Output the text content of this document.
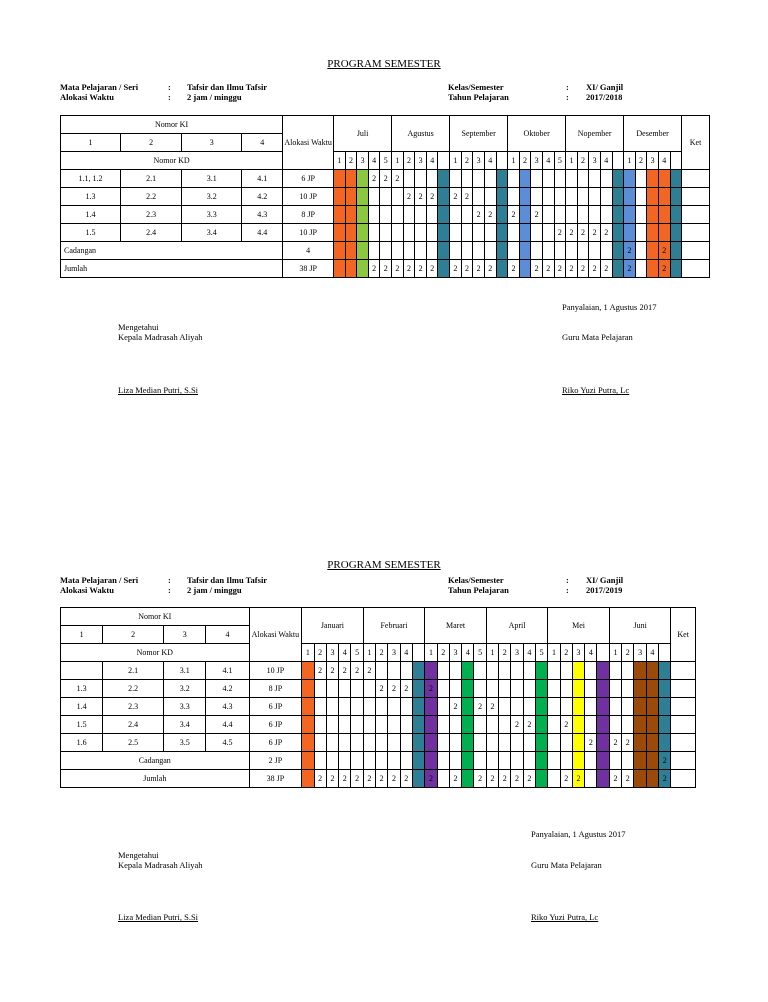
PROGRAM SEMESTER
Mata Pelajaran / Seri	:	Tafsir dan Ilmu Tafsir
Alokasi Waktu	:	2 jam / minggu
Kelas/Semester	:	XI/ Ganjil
Tahun Pelajaran	:	2017/2018
Nomor KI				Alokasi Waktu	Juli					Agustus					September					Oktober					Nopember					Desember					Ket
1	2	3	4																																
Nomor KD					1	2	3	4	5	1	2	3	4		1	2	3	4		1	2	3	4	5	1	2	3	4		1	2	3	4		
1.1, 1.2	2.1	3.1	4.1	6 JP				2	2	2																									
1.3	2.2	3.2	4.2	10 JP							2	2	2		2	2																			
1.4	2.3	3.3	4.3	8 JP													2	2		2		2													
1.5	2.4	3.4	4.4	10 JP																				2	2	2	2	2							
Cadangan				4																										2			2		
Jumlah				38 JP				2	2	2	2	2	2		2	2	2	2		2		2	2	2	2	2	2	2		2			2		
Panyalaian, 1 Agustus 2017
Mengetahui
Kepala Madrasah Aliyah	Guru Mata Pelajaran
Liza Median Putri, S.Si	Riko Yuzi Putra, Lc
PROGRAM SEMESTER
Mata Pelajaran / Seri	:	Tafsir dan Ilmu Tafsir
Alokasi Waktu	:	2 jam / minggu
Kelas/Semester	:	XI/ Ganjil
Tahun Pelajaran	:	2017/2019
Nomor KI				Alokasi Waktu	Januari					Februari					Maret					April					Mei					Juni					Ket
1	2	3	4																																
Nomor KD					1	2	3	4	5	1	2	3	4		1	2	3	4	5	1	2	3	4	5	1	2	3	4		1	2	3	4		
	2.1	3.1	4.1	10 JP		2	2	2	2	2																									
1.3	2.2	3.2	4.2	8 JP							2	2	2		2																				
1.4	2.3	3.3	4.3	6 JP													2		2	2															
1.5	2.4	3.4	4.4	6 JP																		2	2			2									
1.6	2.5	3.5	4.5	6 JP																								2		2	2				
Cadangan				2 JP																														2	
Jumlah				38 JP		2	2	2	2	2	2	2	2		2		2		2	2	2	2	2			2	2			2	2			2	
Panyalaian, 1 Agustus 2017
Mengetahui
Kepala Madrasah Aliyah	Guru Mata Pelajaran
Liza Median Putri, S.Si	Riko Yuzi Putra, Lc
